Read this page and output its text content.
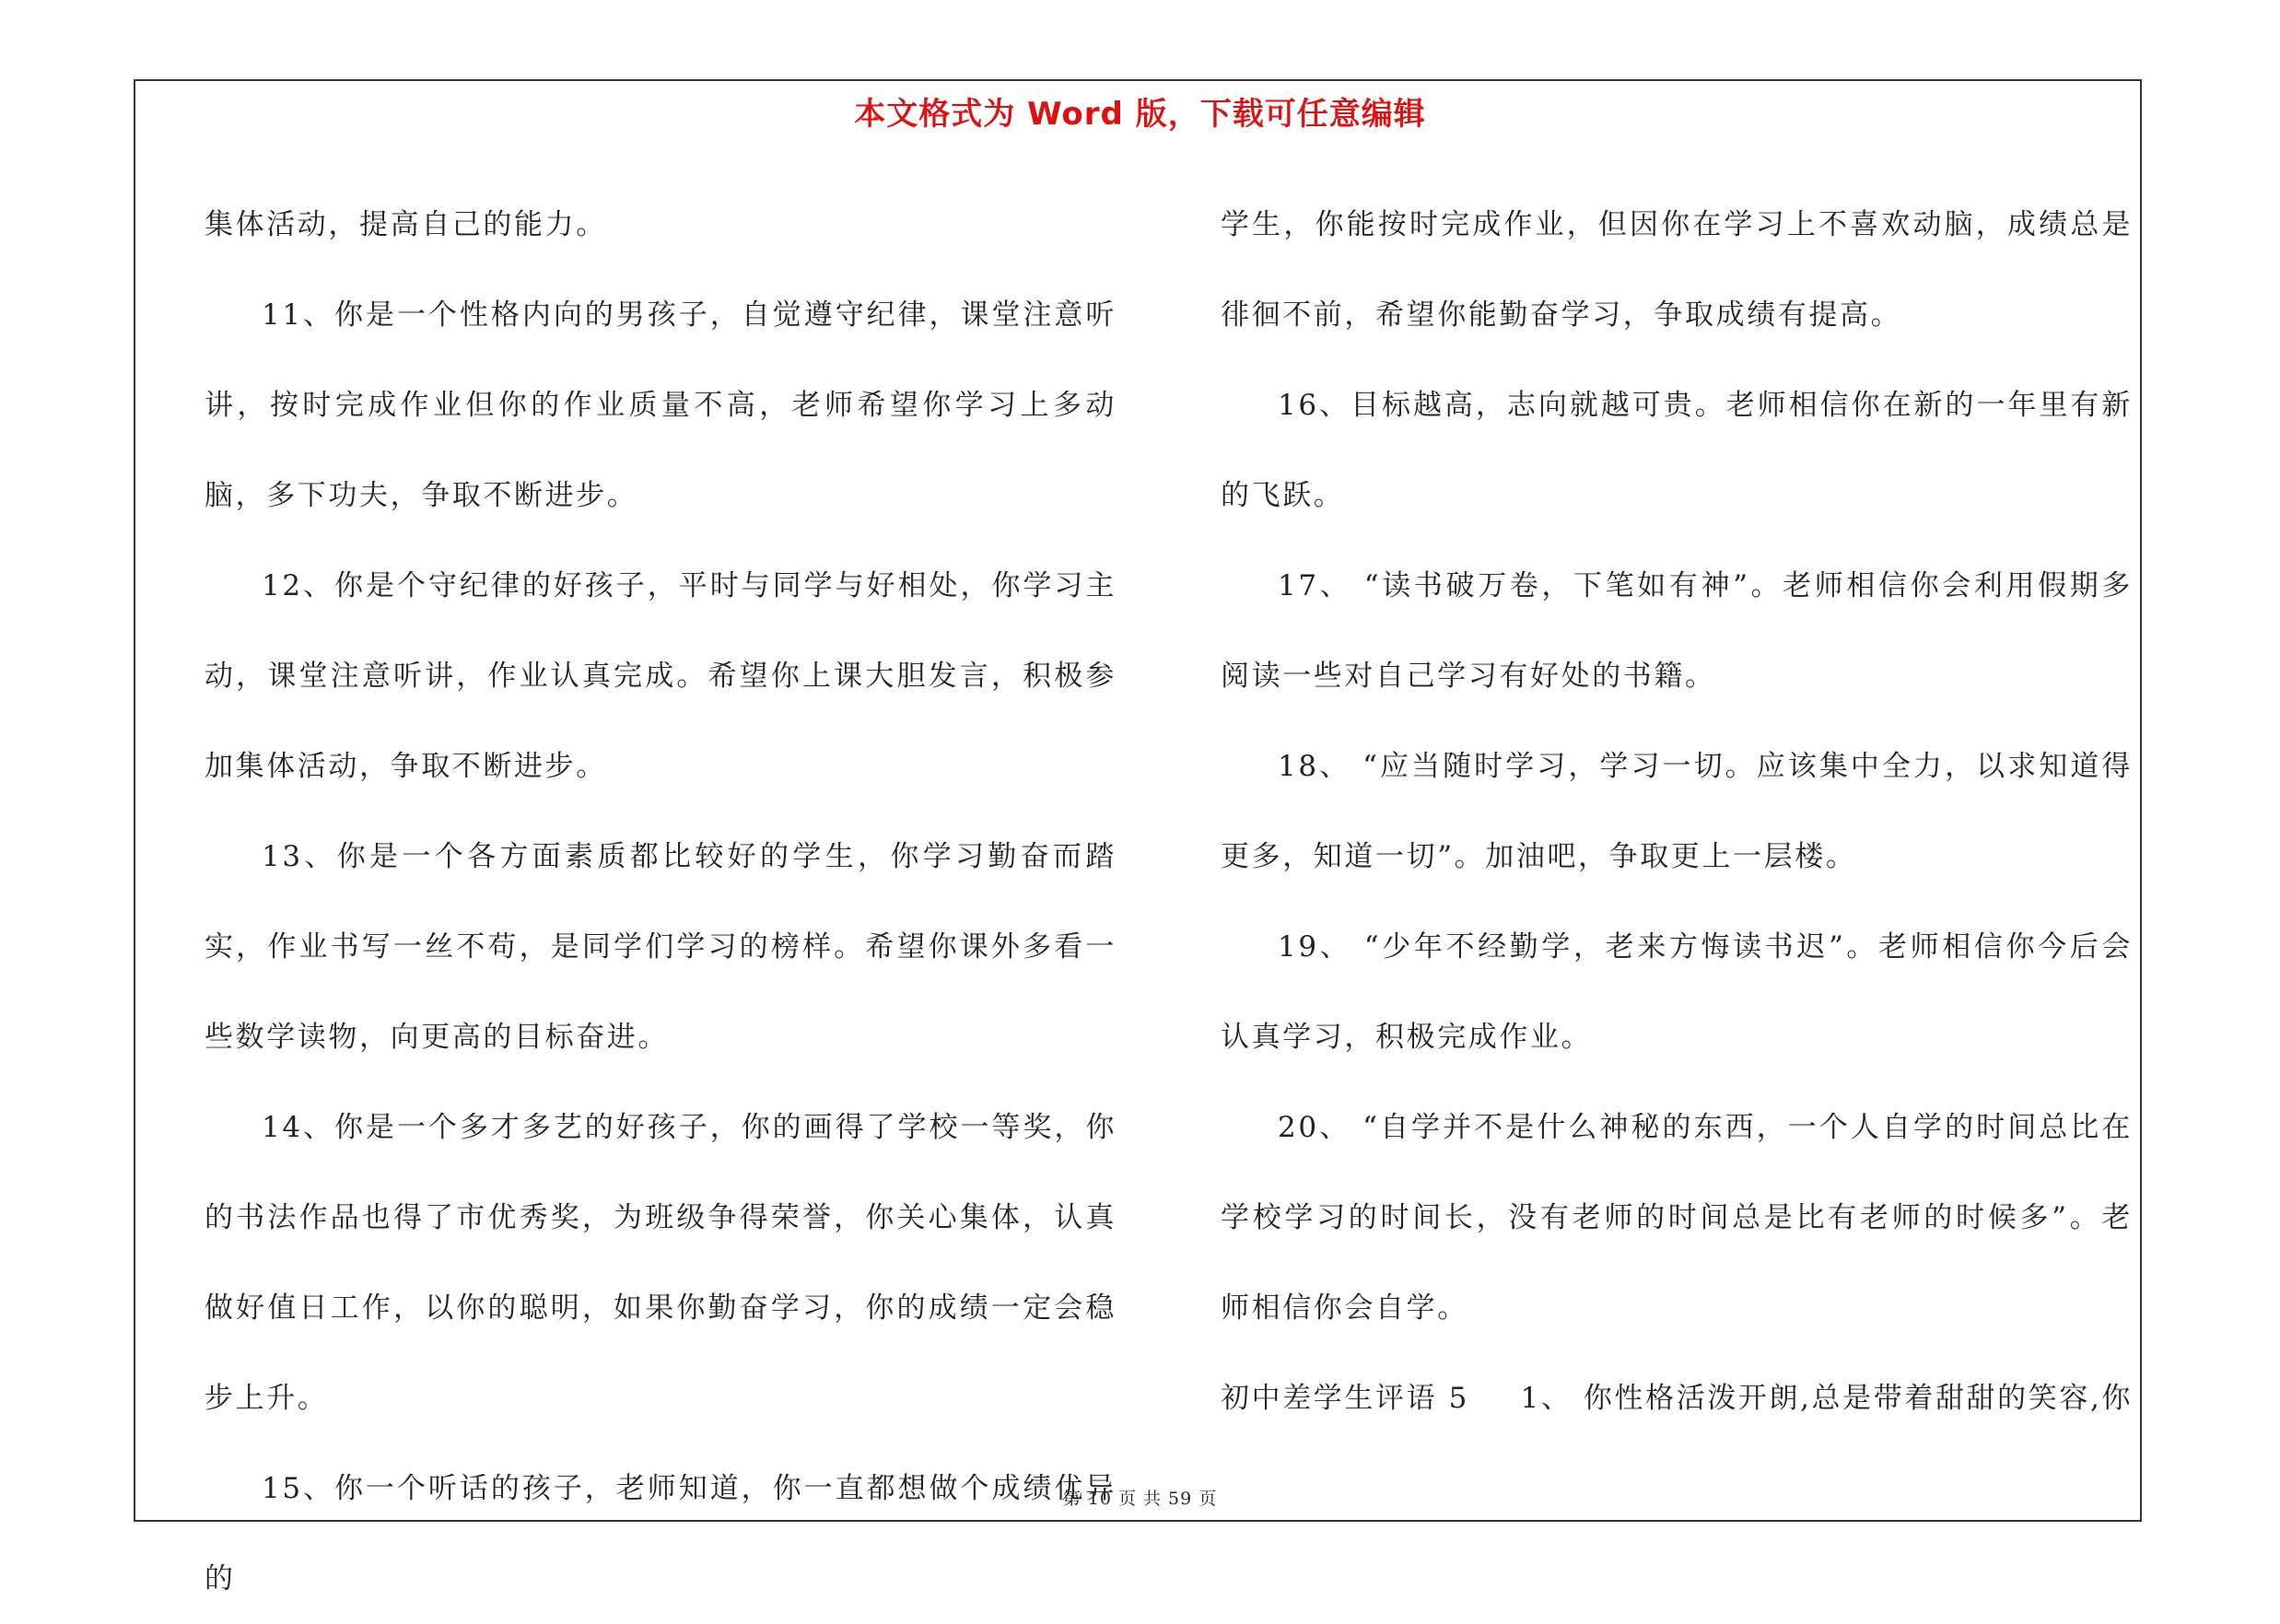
本文格式为 Word 版，下载可任意编辑

集体活动，提高自己的能力。

11、你是一个性格内向的男孩子，自觉遵守纪律，课堂注意听讲，按时完成作业但你的作业质量不高，老师希望你学习上多动脑，多下功夫，争取不断进步。

12、你是个守纪律的好孩子，平时与同学与好相处，你学习主动，课堂注意听讲，作业认真完成。希望你上课大胆发言，积极参加集体活动，争取不断进步。

13、你是一个各方面素质都比较好的学生，你学习勤奋而踏实，作业书写一丝不苟，是同学们学习的榜样。希望你课外多看一些数学读物，向更高的目标奋进。

14、你是一个多才多艺的好孩子，你的画得了学校一等奖，你的书法作品也得了市优秀奖，为班级争得荣誉，你关心集体，认真做好值日工作，以你的聪明，如果你勤奋学习，你的成绩一定会稳步上升。

15、你一个听话的孩子，老师知道，你一直都想做个成绩优异的

学生，你能按时完成作业，但因你在学习上不喜欢动脑，成绩总是徘徊不前，希望你能勤奋学习，争取成绩有提高。

16、目标越高，志向就越可贵。老师相信你在新的一年里有新的飞跃。

17、 “读书破万卷，下笔如有神”。老师相信你会利用假期多阅读一些对自己学习有好处的书籍。

18、 “应当随时学习，学习一切。应该集中全力，以求知道得更多，知道一切”。加油吧，争取更上一层楼。

19、 “少年不经勤学，老来方悔读书迟”。老师相信你今后会认真学习，积极完成作业。

20、 “自学并不是什么神秘的东西，一个人自学的时间总比在学校学习的时间长，没有老师的时间总是比有老师的时候多”。老师相信你会自学。

初中差学生评语 5 1、 你性格活泼开朗,总是带着甜甜的笑容,你
第 10 页 共 59 页
